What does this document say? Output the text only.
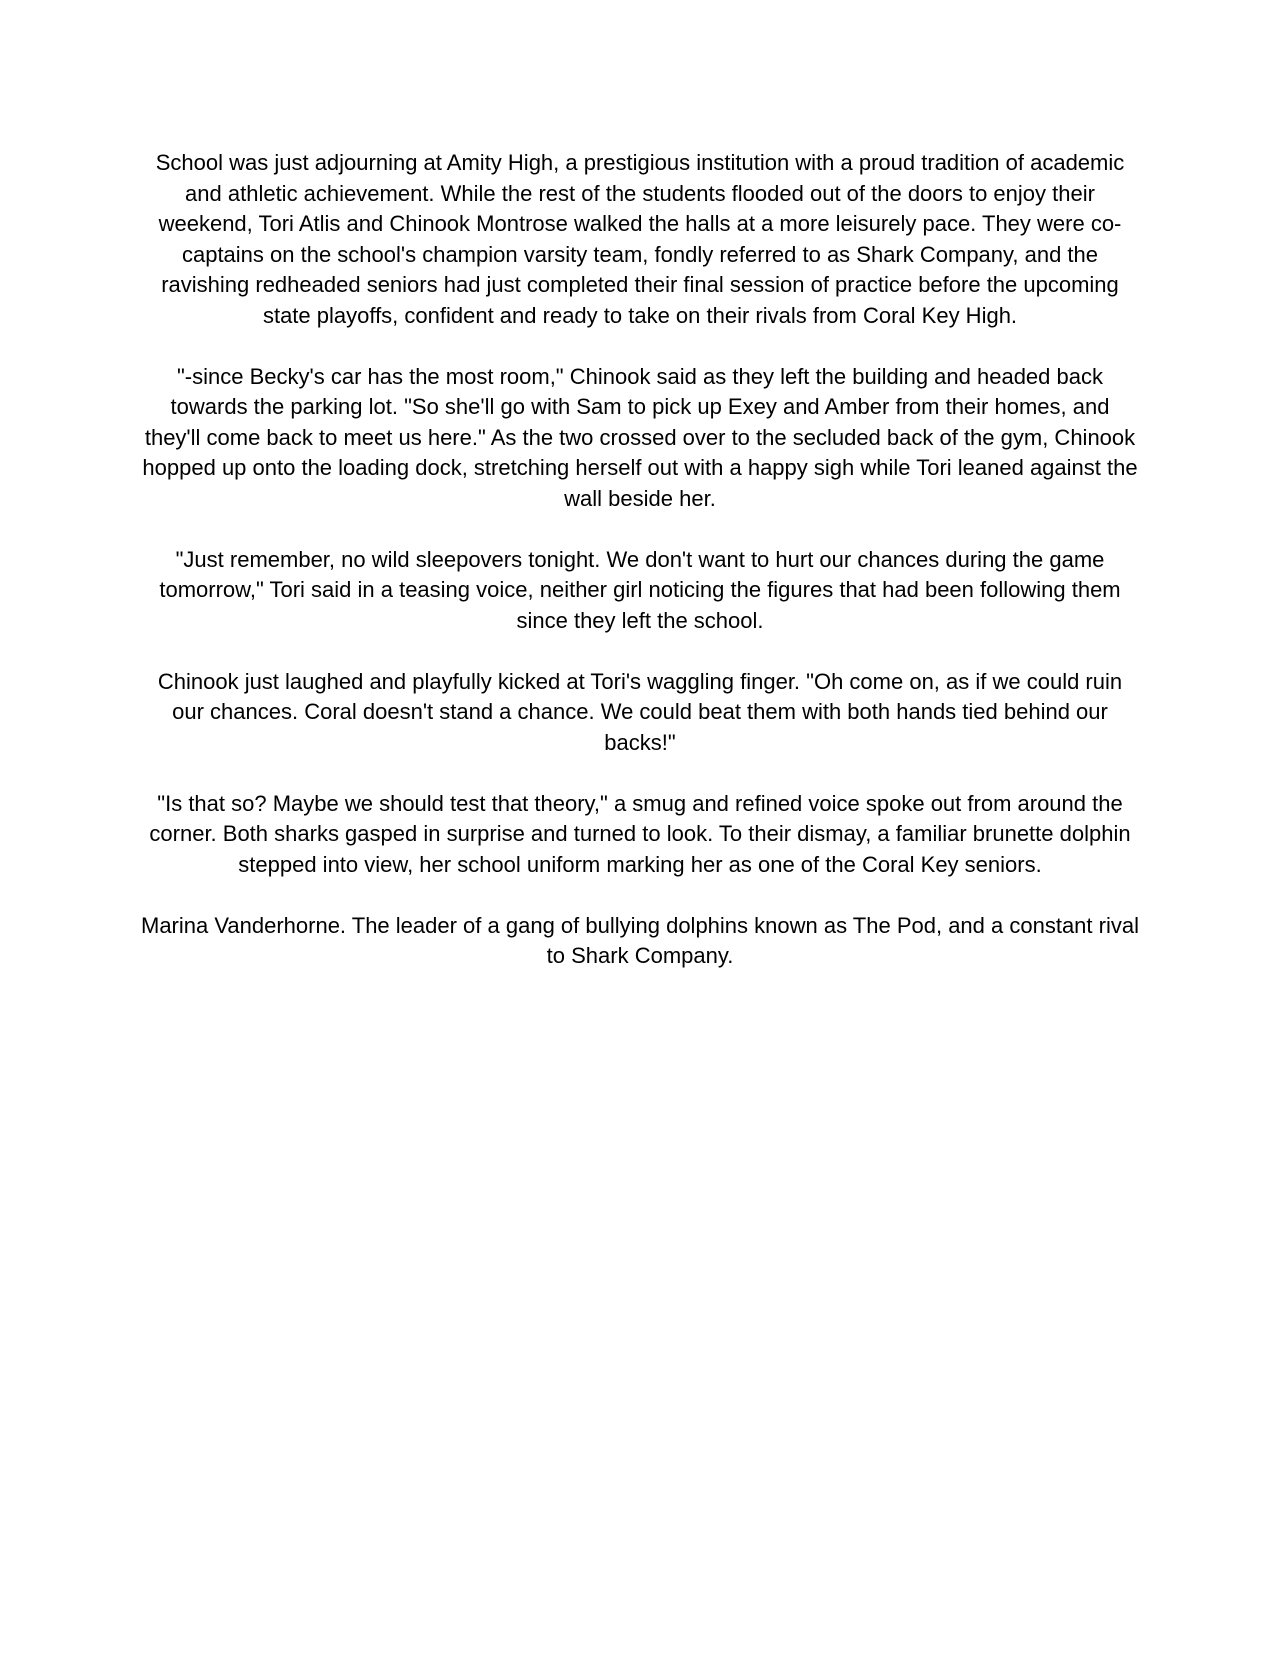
School was just adjourning at Amity High, a prestigious institution with a proud tradition of academic and athletic achievement. While the rest of the students flooded out of the doors to enjoy their weekend, Tori Atlis and Chinook Montrose walked the halls at a more leisurely pace. They were co-captains on the school's champion varsity team, fondly referred to as Shark Company, and the ravishing redheaded seniors had just completed their final session of practice before the upcoming state playoffs, confident and ready to take on their rivals from Coral Key High.

"-since Becky's car has the most room," Chinook said as they left the building and headed back towards the parking lot. "So she'll go with Sam to pick up Exey and Amber from their homes, and they'll come back to meet us here." As the two crossed over to the secluded back of the gym, Chinook hopped up onto the loading dock, stretching herself out with a happy sigh while Tori leaned against the wall beside her.

"Just remember, no wild sleepovers tonight. We don't want to hurt our chances during the game tomorrow," Tori said in a teasing voice, neither girl noticing the figures that had been following them since they left the school.

Chinook just laughed and playfully kicked at Tori's waggling finger. "Oh come on, as if we could ruin our chances. Coral doesn't stand a chance. We could beat them with both hands tied behind our backs!"

"Is that so? Maybe we should test that theory," a smug and refined voice spoke out from around the corner. Both sharks gasped in surprise and turned to look. To their dismay, a familiar brunette dolphin stepped into view, her school uniform marking her as one of the Coral Key seniors.

Marina Vanderhorne. The leader of a gang of bullying dolphins known as The Pod, and a constant rival to Shark Company.
